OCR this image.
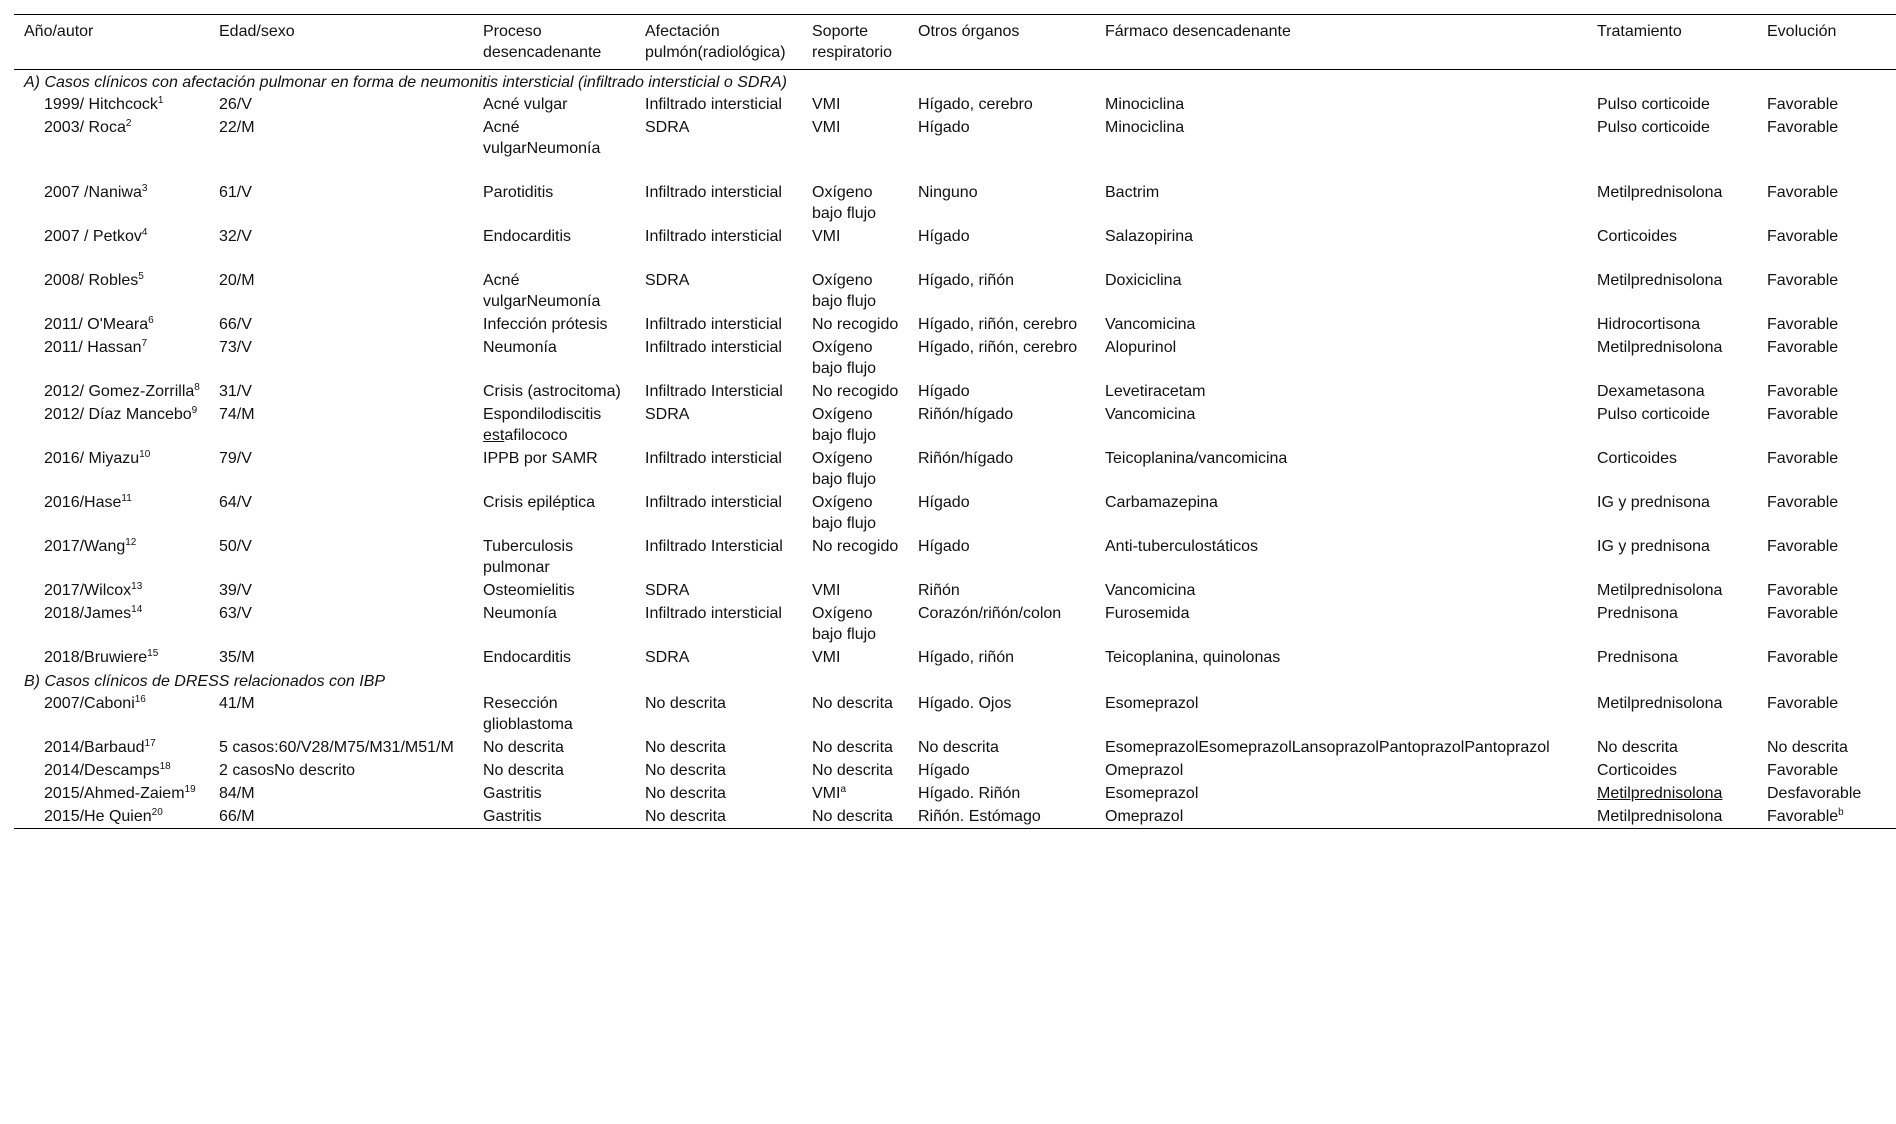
Año/autor	Edad/sexo	Proceso desencadenante	Afectación pulmón(radiológica)	Soporte respiratorio	Otros órganos	Fármaco desencadenante	Tratamiento	Evolución
A) Casos clínicos con afectación pulmonar en forma de neumonitis intersticial (infiltrado intersticial o SDRA)								
1999/ Hitchcock$^1$	26/V	Acné vulgar	Infiltrado intersticial	VMI	Hígado, cerebro	Minociclina	Pulso corticoide	Favorable
2003/ Roca$^2$	22/M	Acné vulgarNeumonía	SDRA	VMI	Hígado	Minociclina	Pulso corticoide	Favorable
2007 /Naniwa$^3$	61/V	Parotiditis	Infiltrado intersticial	Oxígeno bajo flujo	Ninguno	Bactrim	Metilprednisolona	Favorable
2007 / Petkov$^4$	32/V	Endocarditis	Infiltrado intersticial	VMI	Hígado	Salazopirina	Corticoides	Favorable
2008/ Robles$^5$	20/M	Acné vulgarNeumonía	SDRA	Oxígeno bajo flujo	Hígado, riñón	Doxiciclina	Metilprednisolona	Favorable
2011/ O'Meara$^6$	66/V	Infección prótesis	Infiltrado intersticial	No recogido	Hígado, riñón, cerebro	Vancomicina	Hidrocortisona	Favorable
2011/ Hassan$^7$	73/V	Neumonía	Infiltrado intersticial	Oxígeno bajo flujo	Hígado, riñón, cerebro	Alopurinol	Metilprednisolona	Favorable
2012/ Gomez-Zorrilla$^8$	31/V	Crisis (astrocitoma)	Infiltrado Intersticial	No recogido	Hígado	Levetiracetam	Dexametasona	Favorable
2012/ Díaz Mancebo$^9$	74/M	Espondilodiscitis estafilococo	SDRA	Oxígeno bajo flujo	Riñón/hígado	Vancomicina	Pulso corticoide	Favorable
2016/ Miyazu$^{10}$	79/V	IPPB por SAMR	Infiltrado intersticial	Oxígeno bajo flujo	Riñón/hígado	Teicoplanina/vancomicina	Corticoides	Favorable
2016/Hase$^{11}$	64/V	Crisis epiléptica	Infiltrado intersticial	Oxígeno bajo flujo	Hígado	Carbamazepina	IG y prednisona	Favorable
2017/Wang$^{12}$	50/V	Tuberculosis pulmonar	Infiltrado Intersticial	No recogido	Hígado	Anti-tuberculostáticos	IG y prednisona	Favorable
2017/Wilcox$^{13}$	39/V	Osteomielitis	SDRA	VMI	Riñón	Vancomicina	Metilprednisolona	Favorable
2018/James$^{14}$	63/V	Neumonía	Infiltrado intersticial	Oxígeno bajo flujo	Corazón/riñón/colon	Furosemida	Prednisona	Favorable
2018/Bruwiere$^{15}$	35/M	Endocarditis	SDRA	VMI	Hígado, riñón	Teicoplanina, quinolonas	Prednisona	Favorable
B) Casos clínicos de DRESS relacionados con IBP								
2007/Caboni$^{16}$	41/M	Resección glioblastoma	No descrita	No descrita	Hígado. Ojos	Esomeprazol	Metilprednisolona	Favorable
2014/Barbaud$^{17}$	5 casos:60/V28/M75/M31/M51/M	No descrita	No descrita	No descrita	No descrita	EsomeprazolEsomeprazolLansoprazolPantoprazolPantoprazol	No descrita	No descrita
2014/Descamps$^{18}$	2 casosNo descrito	No descrita	No descrita	No descrita	Hígado	Omeprazol	Corticoides	Favorable
2015/Ahmed-Zaiem$^{19}$	84/M	Gastritis	No descrita	VMI$^a$	Hígado. Riñón	Esomeprazol	Metilprednisolona	Desfavorable
2015/He Quien$^{20}$	66/M	Gastritis	No descrita	No descrita	Riñón. Estómago	Omeprazol	Metilprednisolona	Favorable$^b$
